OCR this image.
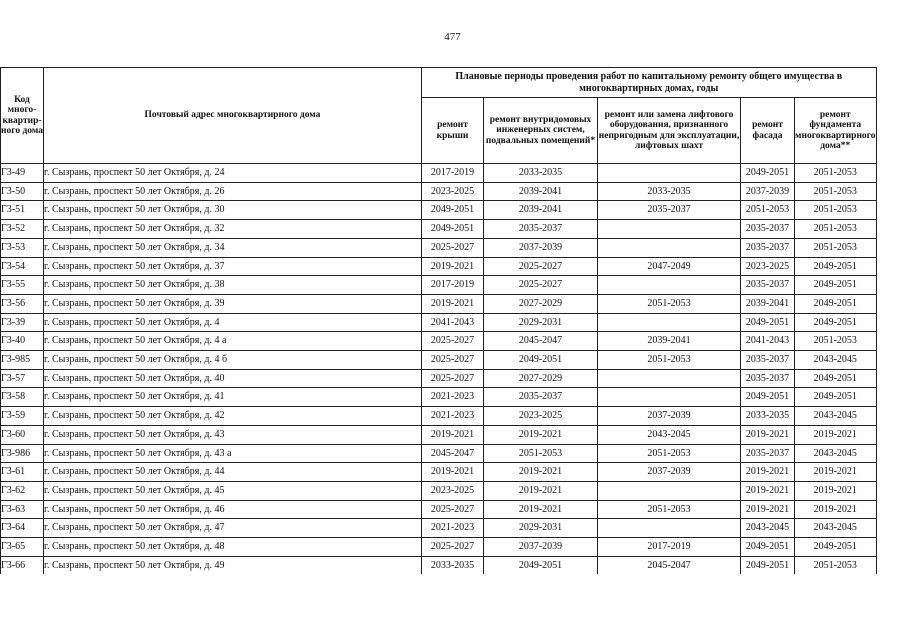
477
Код много-квартир-ного дома	Почтовый адрес многоквартирного дома	Плановые периоды проведения работ по капитальному ремонту общего имущества в многоквартирных домах, годы				
		ремонт крыши	ремонт внутридомовых инженерных систем, подвальных помещений*	ремонт или замена лифтового оборудования, признанного непригодным для эксплуатации, лифтовых шахт	ремонт фасада	ремонт фундамента многоквартирного дома**
Г3-49	г. Сызрань, проспект 50 лет Октября, д. 24	2017-2019	2033-2035		2049-2051	2051-2053
Г3-50	г. Сызрань, проспект 50 лет Октября, д. 26	2023-2025	2039-2041	2033-2035	2037-2039	2051-2053
Г3-51	г. Сызрань, проспект 50 лет Октября, д. 30	2049-2051	2039-2041	2035-2037	2051-2053	2051-2053
Г3-52	г. Сызрань, проспект 50 лет Октября, д. 32	2049-2051	2035-2037		2035-2037	2051-2053
Г3-53	г. Сызрань, проспект 50 лет Октября, д. 34	2025-2027	2037-2039		2035-2037	2051-2053
Г3-54	г. Сызрань, проспект 50 лет Октября, д. 37	2019-2021	2025-2027	2047-2049	2023-2025	2049-2051
Г3-55	г. Сызрань, проспект 50 лет Октября, д. 38	2017-2019	2025-2027		2035-2037	2049-2051
Г3-56	г. Сызрань, проспект 50 лет Октября, д. 39	2019-2021	2027-2029	2051-2053	2039-2041	2049-2051
Г3-39	г. Сызрань, проспект 50 лет Октября, д. 4	2041-2043	2029-2031		2049-2051	2049-2051
Г3-40	г. Сызрань, проспект 50 лет Октября, д. 4 а	2025-2027	2045-2047	2039-2041	2041-2043	2051-2053
Г3-985	г. Сызрань, проспект 50 лет Октября, д. 4 б	2025-2027	2049-2051	2051-2053	2035-2037	2043-2045
Г3-57	г. Сызрань, проспект 50 лет Октября, д. 40	2025-2027	2027-2029		2035-2037	2049-2051
Г3-58	г. Сызрань, проспект 50 лет Октября, д. 41	2021-2023	2035-2037		2049-2051	2049-2051
Г3-59	г. Сызрань, проспект 50 лет Октября, д. 42	2021-2023	2023-2025	2037-2039	2033-2035	2043-2045
Г3-60	г. Сызрань, проспект 50 лет Октября, д. 43	2019-2021	2019-2021	2043-2045	2019-2021	2019-2021
Г3-986	г. Сызрань, проспект 50 лет Октября, д. 43 а	2045-2047	2051-2053	2051-2053	2035-2037	2043-2045
Г3-61	г. Сызрань, проспект 50 лет Октября, д. 44	2019-2021	2019-2021	2037-2039	2019-2021	2019-2021
Г3-62	г. Сызрань, проспект 50 лет Октября, д. 45	2023-2025	2019-2021		2019-2021	2019-2021
Г3-63	г. Сызрань, проспект 50 лет Октября, д. 46	2025-2027	2019-2021	2051-2053	2019-2021	2019-2021
Г3-64	г. Сызрань, проспект 50 лет Октября, д. 47	2021-2023	2029-2031		2043-2045	2043-2045
Г3-65	г. Сызрань, проспект 50 лет Октября, д. 48	2025-2027	2037-2039	2017-2019	2049-2051	2049-2051
Г3-66	г. Сызрань, проспект 50 лет Октября, д. 49	2033-2035	2049-2051	2045-2047	2049-2051	2051-2053
